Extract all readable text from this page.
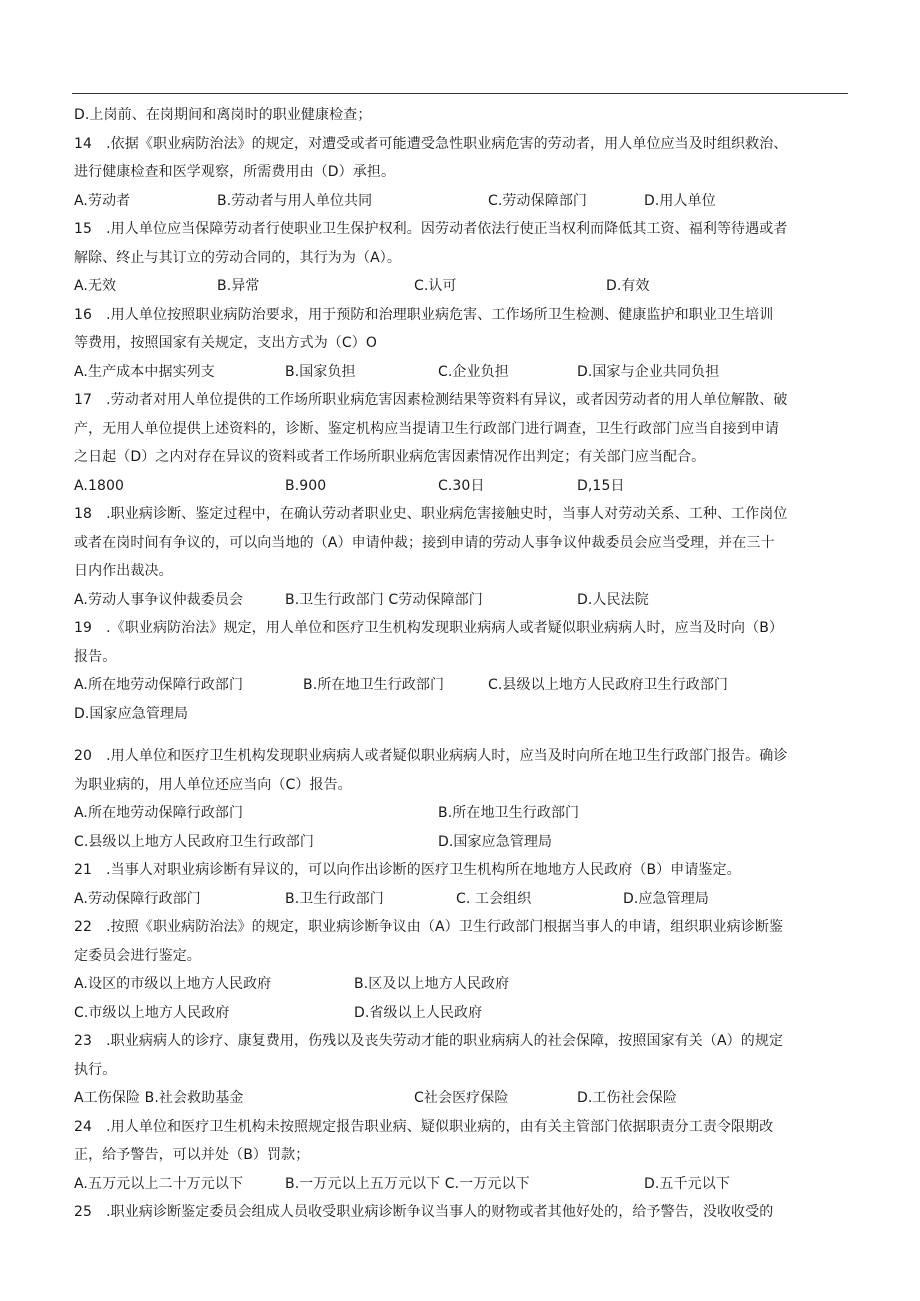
D.上岗前、在岗期间和离岗时的职业健康检查；
14　.依据《职业病防治法》的规定，对遭受或者可能遭受急性职业病危害的劳动者，用人单位应当及时组织救治、
进行健康检查和医学观察，所需费用由（D）承担。
A.劳动者	B.劳动者与用人单位共同	C.劳动保障部门	D.用人单位
15　.用人单位应当保障劳动者行使职业卫生保护权利。因劳动者依法行使正当权利而降低其工资、福利等待遇或者
解除、终止与其订立的劳动合同的，其行为为（A）。
A.无效	B.异常	C.认可	D.有效
16　.用人单位按照职业病防治要求，用于预防和治理职业病危害、工作场所卫生检测、健康监护和职业卫生培训
等费用，按照国家有关规定，支出方式为（C）O
A.生产成本中据实列支	B.国家负担	C.企业负担	D.国家与企业共同负担
17　.劳动者对用人单位提供的工作场所职业病危害因素检测结果等资料有异议，或者因劳动者的用人单位解散、破
产，无用人单位提供上述资料的，诊断、鉴定机构应当提请卫生行政部门进行调查，卫生行政部门应当自接到申请
之日起（D）之内对存在异议的资料或者工作场所职业病危害因素情况作出判定；有关部门应当配合。
A.1800	B.900	C.30日	D,15日
18　.职业病诊断、鉴定过程中，在确认劳动者职业史、职业病危害接触史时，当事人对劳动关系、工种、工作岗位
或者在岗时间有争议的，可以向当地的（A）申请仲裁；接到申请的劳动人事争议仲裁委员会应当受理，并在三十
日内作出裁决。
A.劳动人事争议仲裁委员会	B.卫生行政部门 C劳动保障部门	D.人民法院
19　.《职业病防治法》规定，用人单位和医疗卫生机构发现职业病病人或者疑似职业病病人时，应当及时向（B）
报告。
A.所在地劳动保障行政部门	B.所在地卫生行政部门	C.县级以上地方人民政府卫生行政部门
D.国家应急管理局
20　.用人单位和医疗卫生机构发现职业病病人或者疑似职业病病人时，应当及时向所在地卫生行政部门报告。确诊
为职业病的，用人单位还应当向（C）报告。
A.所在地劳动保障行政部门	B.所在地卫生行政部门
C.县级以上地方人民政府卫生行政部门	D.国家应急管理局
21　.当事人对职业病诊断有异议的，可以向作出诊断的医疗卫生机构所在地地方人民政府（B）申请鉴定。
A.劳动保障行政部门	B.卫生行政部门	C. 工会组织	D.应急管理局
22　.按照《职业病防治法》的规定，职业病诊断争议由（A）卫生行政部门根据当事人的申请，组织职业病诊断鉴
定委员会进行鉴定。
A.设区的市级以上地方人民政府	B.区及以上地方人民政府
C.市级以上地方人民政府	D.省级以上人民政府
23　.职业病病人的诊疗、康复费用，伤残以及丧失劳动才能的职业病病人的社会保障，按照国家有关（A）的规定
执行。
A工伤保险 B.社会救助基金	C社会医疗保险	D.工伤社会保险
24　.用人单位和医疗卫生机构未按照规定报告职业病、疑似职业病的，由有关主管部门依据职责分工责令限期改
正，给予警告，可以并处（B）罚款；
A.五万元以上二十万元以下	B.一万元以上五万元以下 C.一万元以下	D.五千元以下
25　.职业病诊断鉴定委员会组成人员收受职业病诊断争议当事人的财物或者其他好处的，给予警告，没收收受的
